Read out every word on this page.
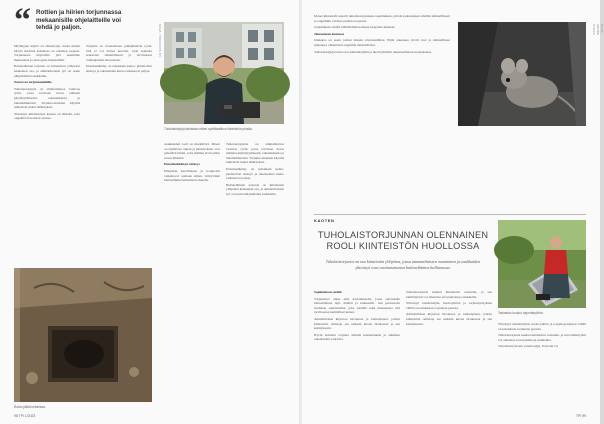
“ Rottien ja hiirien torjunnassa mekaanisille ohjelaitteille voi tehdä jo paljon.

Myrkkyjen käyttö on vähentynyt, mutta niiden käyttö tietyissä kohteissa on edelleen tarpeen. Torjunnassa käytetään yhä enemmän mekaanisia ja ekologisia menetelmiä.

Haittaeläinten torjunta on kiinteistön ylläpidon keskeinen osa, ja ammattilaisten työ on usein näkymätöntä asukkaille.

Neuvovat torjuntatoimille

Tuholaistorjunta on ammattitaitoa vaativaa työtä, jossa tarvitaan tietoa eläinten käyttäytymisestä, rakennuksista ja lainsäädännöstä. Torjunta-aineiden käyttöä säätelevät tiukat määräykset.

Yhteistyö kiinteistöjen kanssa on tärkeää, jotta ongelmat havaitaan ajoissa.

KUVA: TORJUNTA OY
Tuholaistorjuja tarkistaa rottien syöttilaatikon kiinteistön pihalla.

Torjunta on luonteeltaan pitkäjänteistä työtä. Sitä ei voi hoitaa kerralla, vaan kohteita seurataan säännöllisesti ja tarvittaessa toimenpiteitä tehostetaan.

Ennaltaehkäisy on tehokkain keino: jätehuollon siisteys ja rakenteiden kunto ratkaisevat paljon.

Asukkaiden rooli on merkittävä. Jätteet on lajiteltava oikein ja jätekatoksen ovet pidettävä kiinni, jotta eläimet eivät pääse ruoan lähteille.

Ennaltaehkäisyn tärkeys

Pihapiirin kasvillisuus ja kompostit vaikuttavat osaltaan siihen, viihtyvätkö haittaeläimet kiinteistön alueella.

Tuholaistorjunta on ammattitaitoa vaativaa työtä, jossa tarvitaan tietoa eläinten käyttäytymisestä, rakennuksista ja lainsäädännöstä. Torjunta-aineiden käyttöä säätelevät tiukat määräykset.

Ennaltaehkäisy on tehokkain keino: jätehuollon siisteys ja rakenteiden kunto ratkaisevat paljon.

Haittaeläinten torjunta on kiinteistön ylläpidon keskeinen osa, ja ammattilaisten työ on usein näkymätöntä asukkaille.

Rotan jälkiä kellarissa.
98 TPI 1/2023

Monet kiinteistöt tekevät tuholaistorjunnasta sopimuksen, jolloin tarkastukset tehdään säännöllisesti ja ongelmiin voidaan puuttua nopeasti.

Sopimuksen sisältö räätälöidään kohteen tarpeiden mukaan.

Jäteaseman kuntoon

Jätekatos on usein rottien tärkein ravinnonlähde. Ehjät rakenteet, tiiviit ovet ja säännöllinen tyhjennys vähentävät ongelmia merkittävästi.

Tuholaistorjujat neuvovat isännöitsijöitä ja huoltoyhtiöitä rakenteellisissa korjauksissa.

KUVA: ADOBE STOCK
KAOTEN
TUHOLAISTORJUNNAN OLENNAINEN ROOLI KIINTEISTÖN HUOLLOSSA
Tuholaistorjunta on osa kiinteistön ylläpitoa, jossa ammattilaisten osaaminen ja asukkaiden yhteistyö ovat avainasemassa haittaeläinten hallinnassa.

Sopimuksen sisältö

Torjuntatyö alkaa aina kartoituksella, jossa selvitetään haittaeläinten lajit, määrät ja kulkureitit. Sen perusteella laaditaan suunnitelma, joka sisältää sekä mekaaniset että tarvittaessa kemialliset keinot.

Ammattilaiset kirjaavat havainnot ja toimenpiteet, jolloin kiinteistön omistaja saa selkeän kuvan tilanteesta ja sen kehityksestä.

Hyvin hoidettu torjunta säästää kustannuksia ja ehkäisee rakenteiden vaurioita.

Tuholaistorjunta kuuluu kiinteistön vastuulle, ja sen laiminlyönti voi aiheuttaa terveyshaittoja asukkaille.

Yhteistyö isännöitsijän, huoltoyhtiön ja torjuntayrityksen välillä on tehokkaan torjunnan perusta.

Ammattilaiset kirjaavat havainnot ja toimenpiteet, jolloin kiinteistön omistaja saa selkeän kuvan tilanteesta ja sen kehityksestä.

Tarkastus kuuluu torjuntatyöhön.

Yhteistyö isännöitsijän, huoltoyhtiön ja torjuntayrityksen välillä on tehokkaan torjunnan perusta.

Tuholaistorjunta kuuluu kiinteistön vastuulle, ja sen laiminlyönti voi aiheuttaa terveyshaittoja asukkaille.

Tuholaistorjunnan asiantuntija, Torjunta Oy

TPI 99
